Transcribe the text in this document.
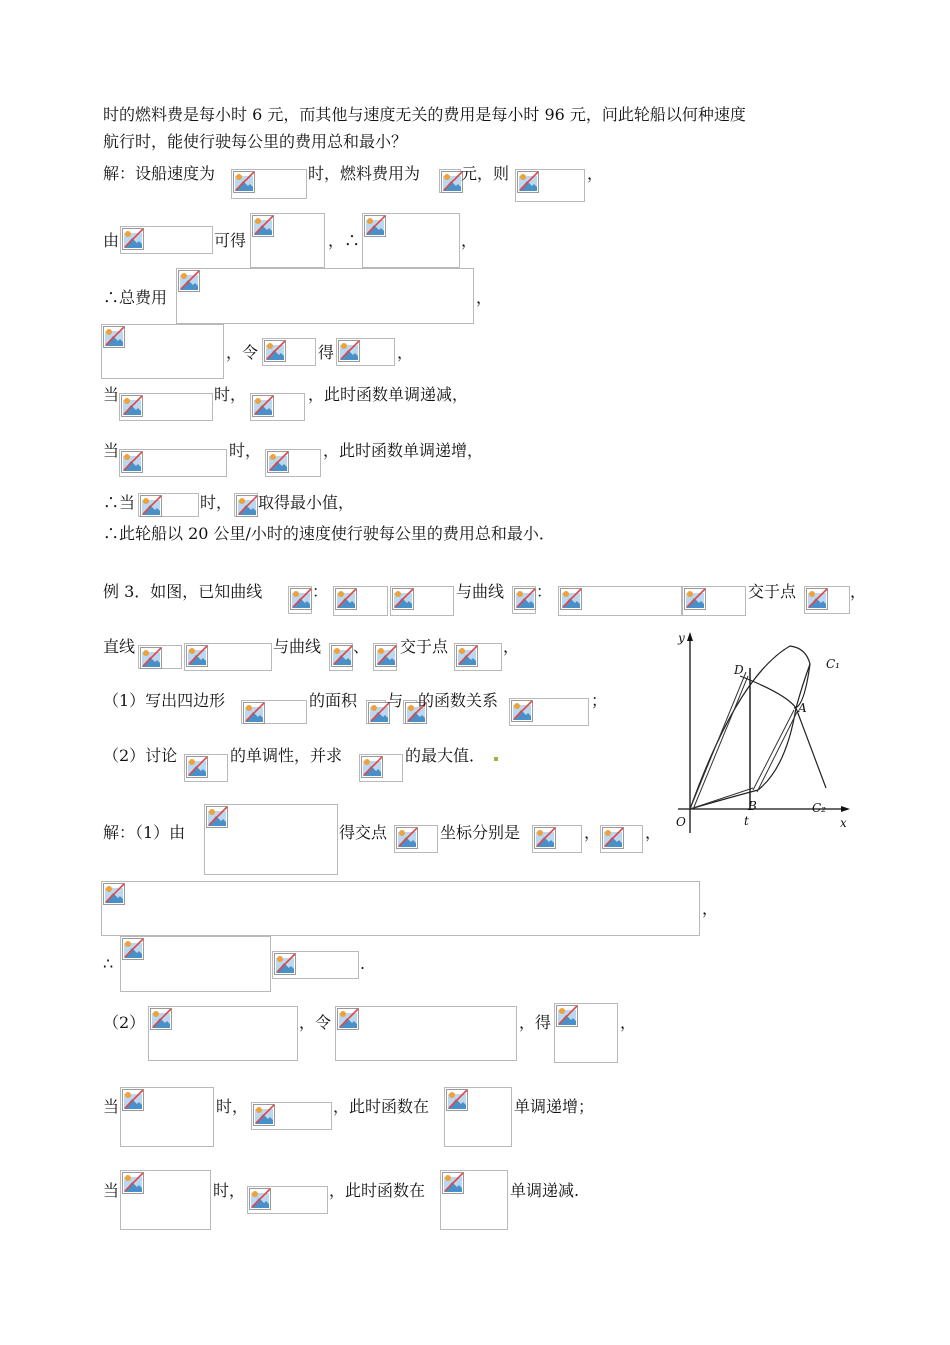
时的燃料费是每小时 6 元，而其他与速度无关的费用是每小时 96 元，问此轮船以何种速度
航行时，能使行驶每公里的费用总和最小？
解：设船速度为	时，燃料费用为	元，则	，
由	可得	，∴	，
∴总费用	，
，令	得	，
当	时，	，此时函数单调递减，
当	时，	，此时函数单调递增，
∴当	时， 取得最小值，
∴此轮船以 20 公里/小时的速度使行驶每公里的费用总和最小．
例 3．如图，已知曲线	：	与曲线 ：	交于点	，
直线	与曲线 、 交于点	，
（1）写出四边形	的面积 与 的函数关系	；
（2）讨论	的单调性，并求	的最大值．
y
x
O	t
D
A
B
C₁
C₂
解：（1）由	得交点	坐标分别是	，	，
，
∴	.
（2）	，令	，得	，
当	时，	，此时函数在	单调递增；
当	时，	，此时函数在	单调递减.
